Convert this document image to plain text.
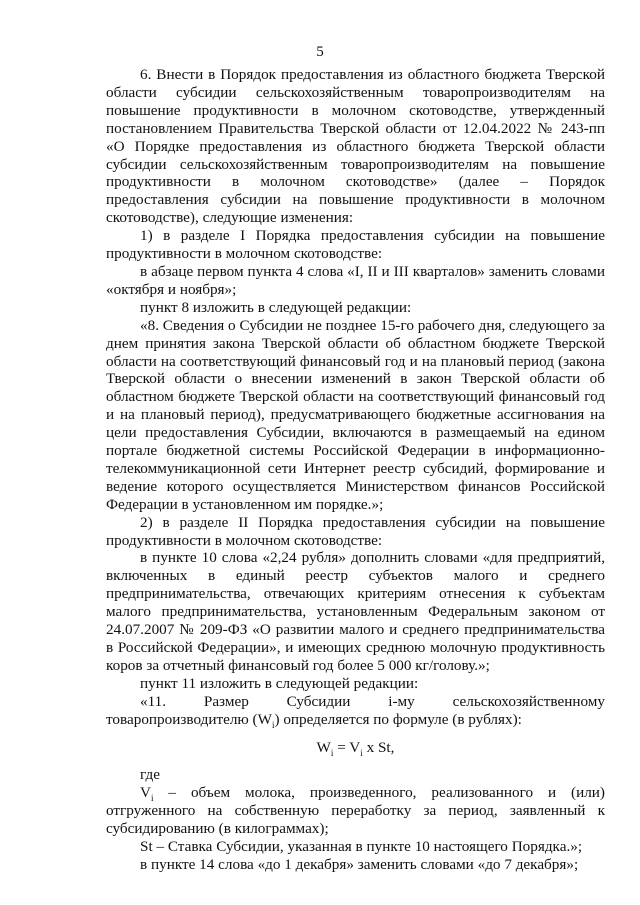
5

6. Внести в Порядок предоставления из областного бюджета Тверской области субсидии сельскохозяйственным товаропроизводителям на повышение продуктивности в молочном скотоводстве, утвержденный постановлением Правительства Тверской области от 12.04.2022 № 243-пп «О Порядке предоставления из областного бюджета Тверской области субсидии сельскохозяйственным товаропроизводителям на повышение продуктивности в молочном скотоводстве» (далее – Порядок предоставления субсидии на повышение продуктивности в молочном скотоводстве), следующие изменения:

1) в разделе I Порядка предоставления субсидии на повышение продуктивности в молочном скотоводстве:

в абзаце первом пункта 4 слова «I, II и III кварталов» заменить словами «октября и ноября»;

пункт 8 изложить в следующей редакции:

«8. Сведения о Субсидии не позднее 15-го рабочего дня, следующего за днем принятия закона Тверской области об областном бюджете Тверской области на соответствующий финансовый год и на плановый период (закона Тверской области о внесении изменений в закон Тверской области об областном бюджете Тверской области на соответствующий финансовый год и на плановый период), предусматривающего бюджетные ассигнования на цели предоставления Субсидии, включаются в размещаемый на едином портале бюджетной системы Российской Федерации в информационно-телекоммуникационной сети Интернет реестр субсидий, формирование и ведение которого осуществляется Министерством финансов Российской Федерации в установленном им порядке.»;

2) в разделе II Порядка предоставления субсидии на повышение продуктивности в молочном скотоводстве:

в пункте 10 слова «2,24 рубля» дополнить словами «для предприятий, включенных в единый реестр субъектов малого и среднего предпринимательства, отвечающих критериям отнесения к субъектам малого предпринимательства, установленным Федеральным законом от 24.07.2007 № 209-ФЗ «О развитии малого и среднего предпринимательства в Российской Федерации», и имеющих среднюю молочную продуктивность коров за отчетный финансовый год более 5 000 кг/голову.»;

пункт 11 изложить в следующей редакции:

«11. Размер Субсидии i-му сельскохозяйственному товаропроизводителю $(W_i)$ определяется по формуле (в рублях):

$W_i = V_i$ x St,

где

$V_i$ – объем молока, произведенного, реализованного и (или) отгруженного на собственную переработку за период, заявленный к субсидированию (в килограммах);

St – Ставка Субсидии, указанная в пункте 10 настоящего Порядка.»;

в пункте 14 слова «до 1 декабря» заменить словами «до 7 декабря»;
